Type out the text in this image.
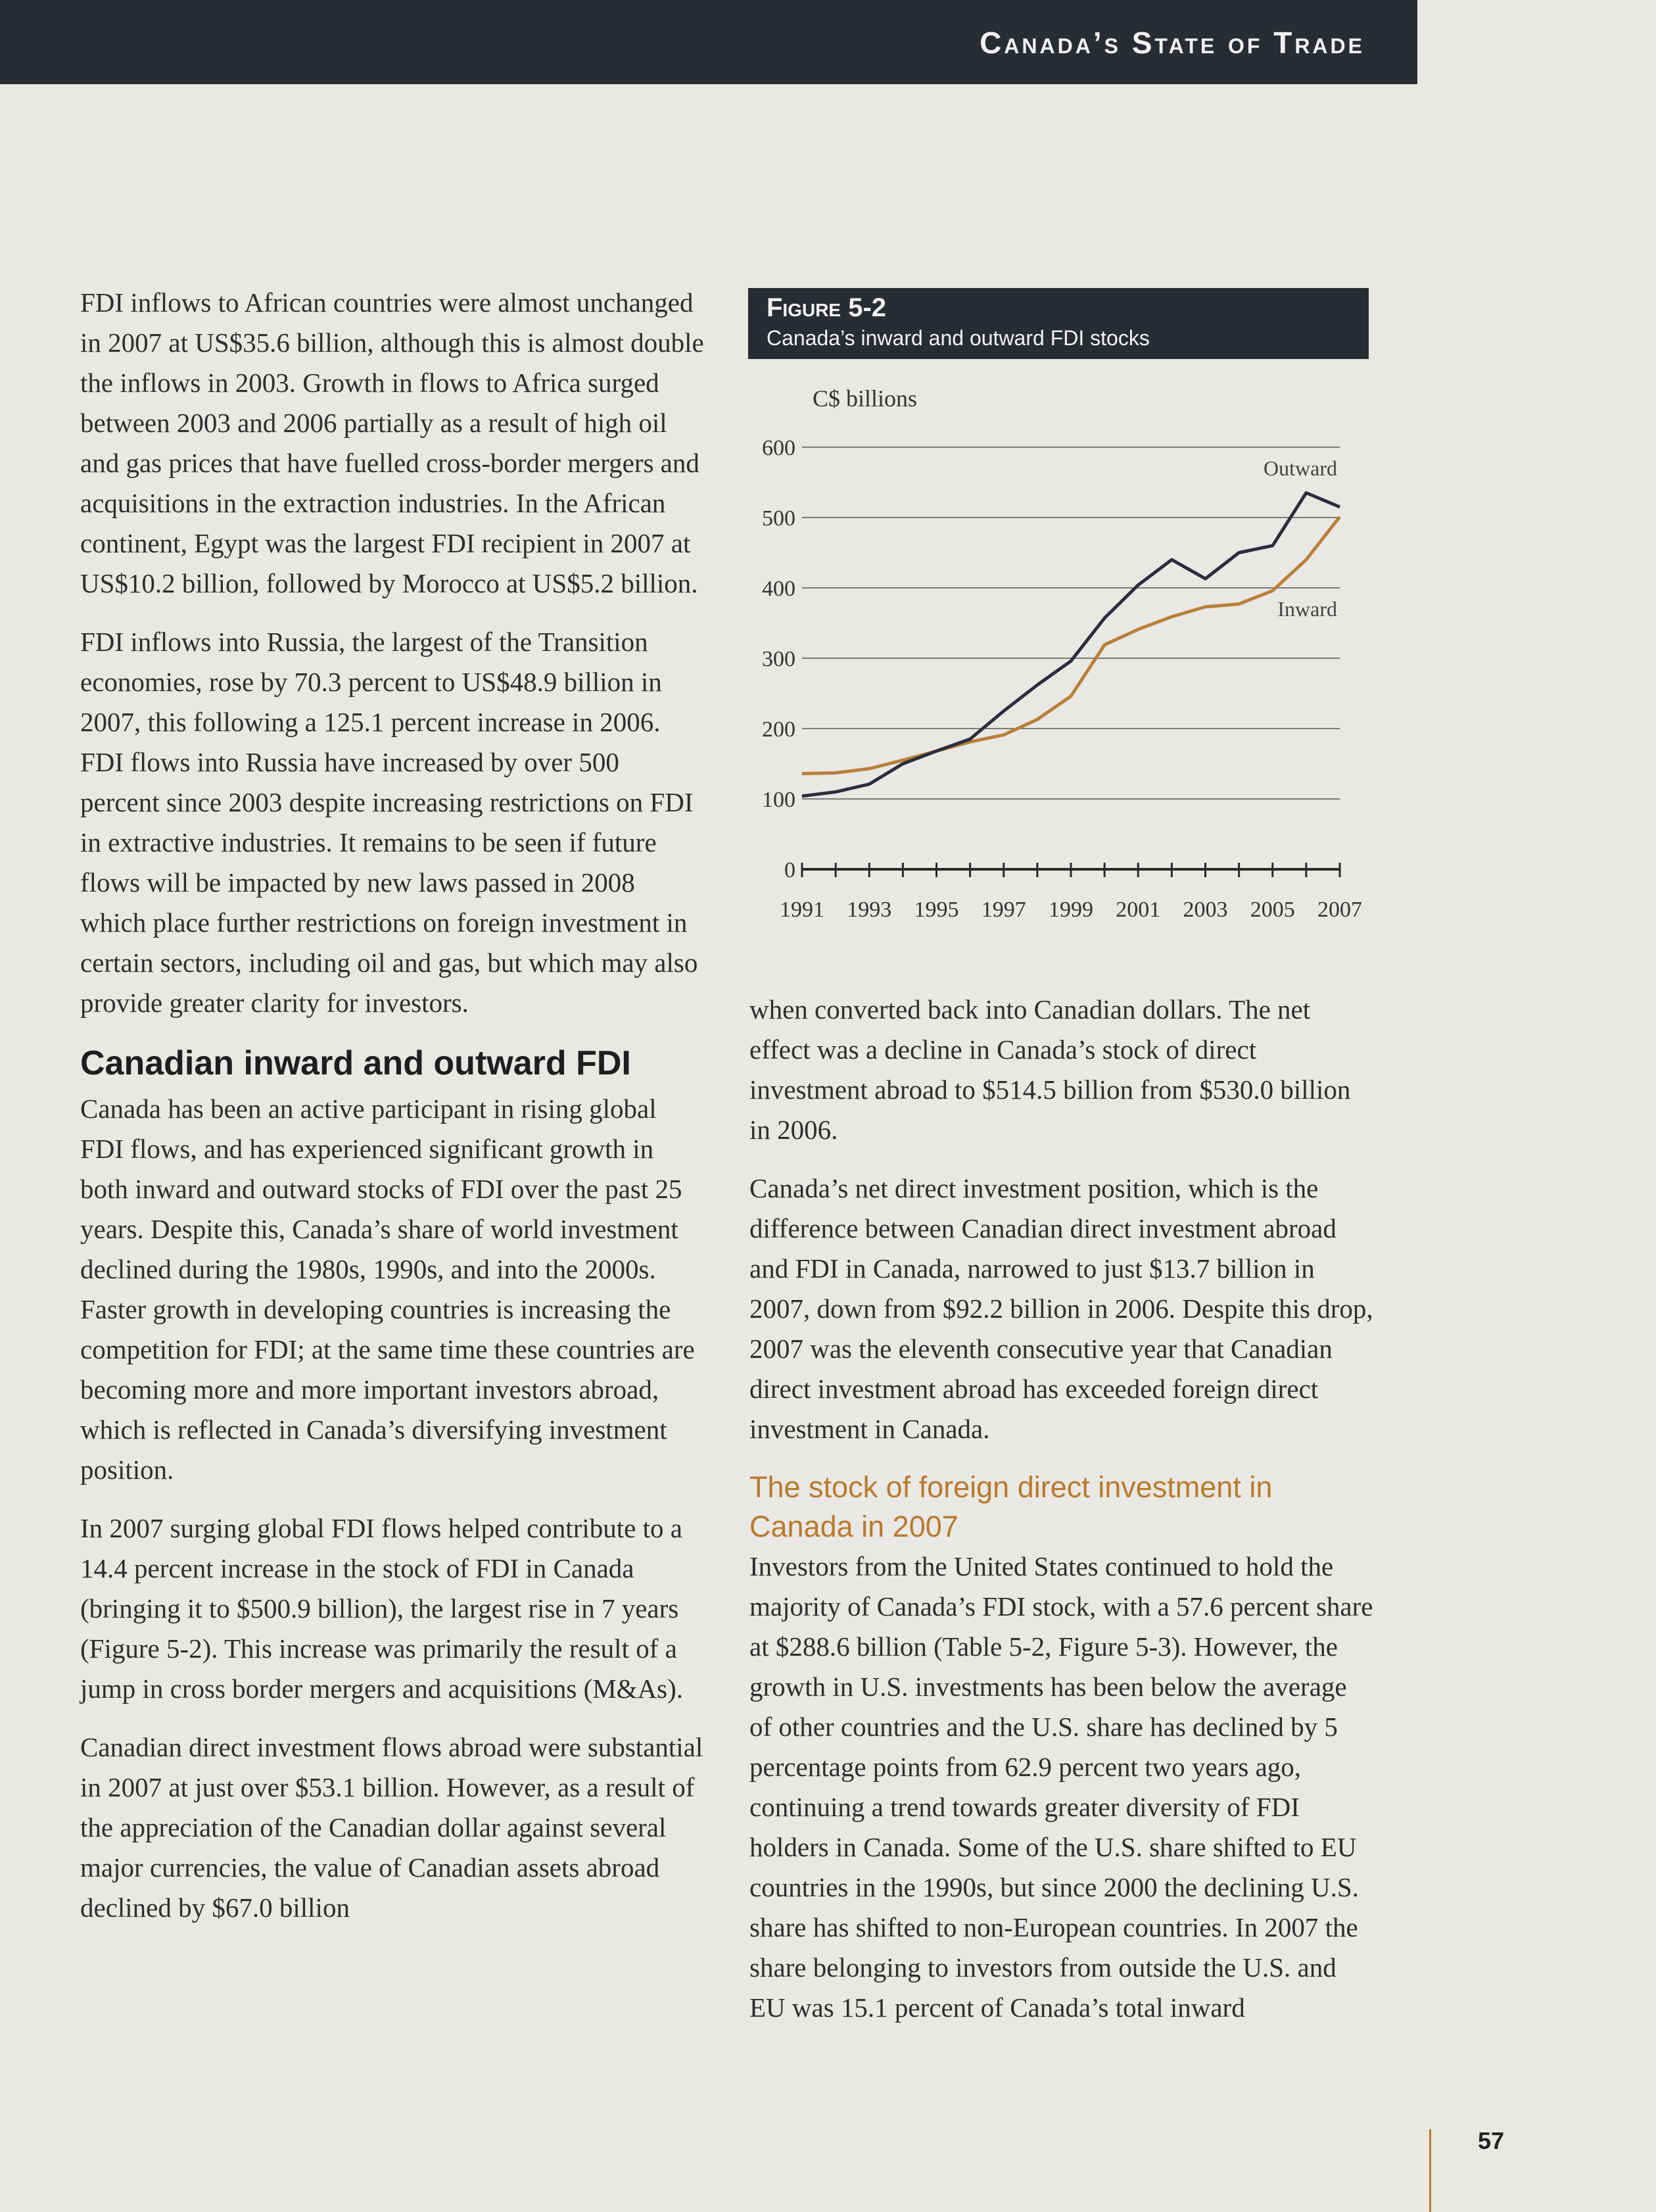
Canada’s State of Trade

FDI inflows to African countries were almost unchanged in 2007 at US$35.6 billion, although this is almost double the inflows in 2003. Growth in flows to Africa surged between 2003 and 2006 partially as a result of high oil and gas prices that have fuelled cross-border mergers and acquisitions in the extraction industries. In the African continent, Egypt was the largest FDI recipient in 2007 at US$10.2 billion, followed by Morocco at US$5.2 billion.

FDI inflows into Russia, the largest of the Transition economies, rose by 70.3 percent to US$48.9 billion in 2007, this following a 125.1 percent increase in 2006. FDI flows into Russia have increased by over 500 percent since 2003 despite increasing restrictions on FDI in extractive industries. It remains to be seen if future flows will be impacted by new laws passed in 2008 which place further restrictions on foreign investment in certain sectors, including oil and gas, but which may also provide greater clarity for investors.

Canadian inward and outward FDI

Canada has been an active participant in rising global FDI flows, and has experienced significant growth in both inward and outward stocks of FDI over the past 25 years. Despite this, Canada’s share of world investment declined during the 1980s, 1990s, and into the 2000s. Faster growth in developing countries is increasing the competition for FDI; at the same time these countries are becoming more and more important investors abroad, which is reflected in Canada’s diversifying investment position.

In 2007 surging global FDI flows helped contribute to a 14.4 percent increase in the stock of FDI in Canada (bringing it to $500.9 billion), the largest rise in 7 years (Figure 5-2). This increase was primarily the result of a jump in cross border mergers and acquisitions (M&As).

Canadian direct investment flows abroad were substantial in 2007 at just over $53.1 billion. However, as a result of the appreciation of the Canadian dollar against several major currencies, the value of Canadian assets abroad declined by $67.0 billion

Figure 5-2
Canada’s inward and outward FDI stocks
C$ billions
0
100
200
300
400
500
600
1991 1993 1995 1997 1999 2001 2003 2005 2007
Outward
Inward

when converted back into Canadian dollars. The net effect was a decline in Canada’s stock of direct investment abroad to $514.5 billion from $530.0 billion in 2006.

Canada’s net direct investment position, which is the difference between Canadian direct investment abroad and FDI in Canada, narrowed to just $13.7 billion in 2007, down from $92.2 billion in 2006. Despite this drop, 2007 was the eleventh consecutive year that Canadian direct investment abroad has exceeded foreign direct investment in Canada.

The stock of foreign direct investment in Canada in 2007

Investors from the United States continued to hold the majority of Canada’s FDI stock, with a 57.6 percent share at $288.6 billion (Table 5-2, Figure 5-3). However, the growth in U.S. investments has been below the average of other countries and the U.S. share has declined by 5 percentage points from 62.9 percent two years ago, continuing a trend towards greater diversity of FDI holders in Canada. Some of the U.S. share shifted to EU countries in the 1990s, but since 2000 the declining U.S. share has shifted to non-European countries. In 2007 the share belonging to investors from outside the U.S. and EU was 15.1 percent of Canada’s total inward

57
